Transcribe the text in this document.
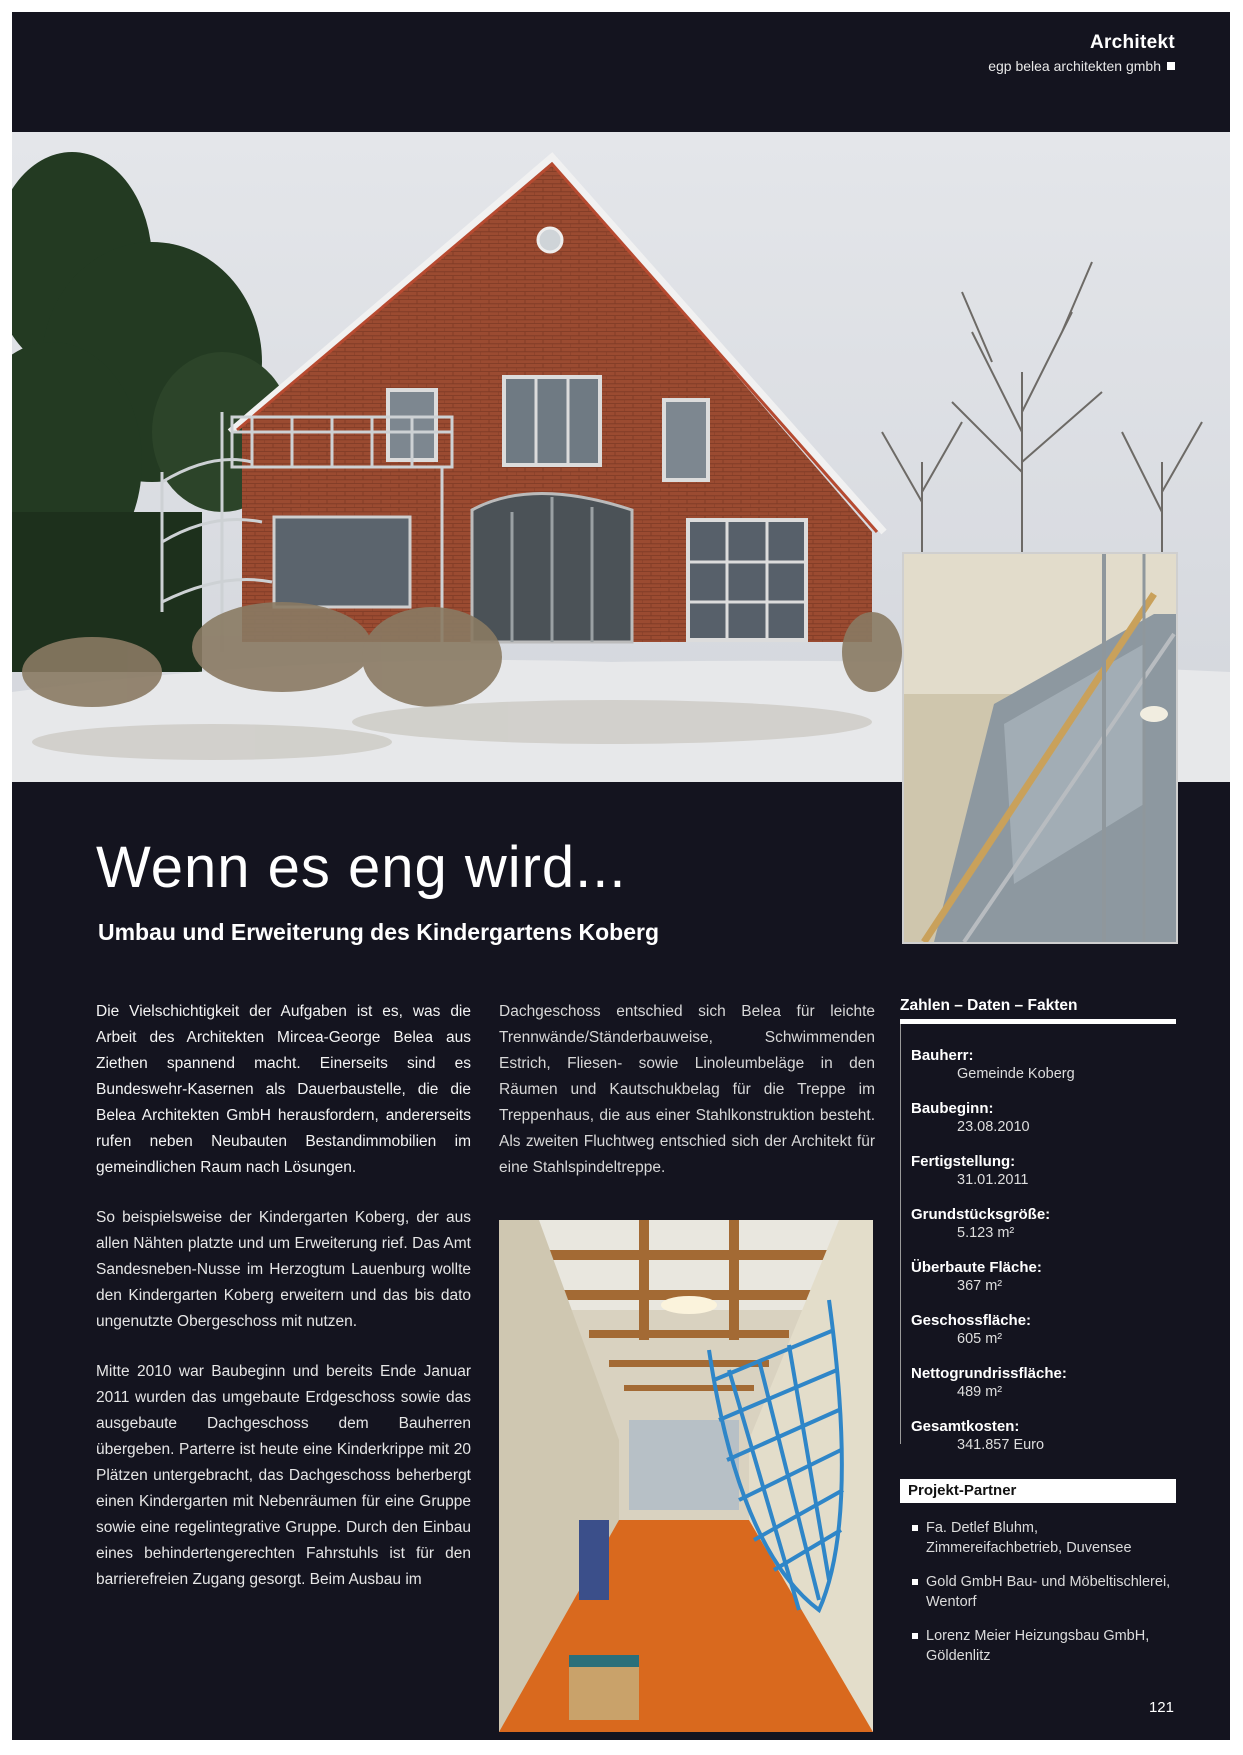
Architekt
egp belea architekten gmbh
Wenn es eng wird...
Umbau und Erweiterung des Kindergartens Koberg

Die Vielschichtigkeit der Aufgaben ist es, was die Arbeit des Architekten Mircea-George Belea aus Ziethen spannend macht. Einerseits sind es Bundeswehr-Kasernen als Dauerbaustelle, die die Belea Architekten GmbH herausfordern, andererseits rufen neben Neubauten Bestandimmobilien im gemeindlichen Raum nach Lösungen.

So beispielsweise der Kindergarten Koberg, der aus allen Nähten platzte und um Erweiterung rief. Das Amt Sandesneben-Nusse im Herzogtum Lauenburg wollte den Kindergarten Koberg erweitern und das bis dato ungenutzte Obergeschoss mit nutzen.

Mitte 2010 war Baubeginn und bereits Ende Januar 2011 wurden das umgebaute Erdgeschoss sowie das ausgebaute Dachgeschoss dem Bauherren übergeben. Parterre ist heute eine Kinderkrippe mit 20 Plätzen untergebracht, das Dachgeschoss beherbergt einen Kindergarten mit Nebenräumen für eine Gruppe sowie eine regelintegrative Gruppe. Durch den Einbau eines behindertengerechten Fahrstuhls ist für den barrierefreien Zugang gesorgt. Beim Ausbau im

Dachgeschoss entschied sich Belea für leichte Trennwände/Ständerbauweise, Schwimmenden Estrich, Fliesen- sowie Linoleumbeläge in den Räumen und Kautschukbelag für die Treppe im Treppenhaus, die aus einer Stahlkonstruktion besteht. Als zweiten Fluchtweg entschied sich der Architekt für eine Stahlspindeltreppe.

Zahlen – Daten – Fakten
Bauherr:
Gemeinde Koberg
Baubeginn:
23.08.2010
Fertigstellung:
31.01.2011
Grundstücksgröße:
5.123 m²
Überbaute Fläche:
367 m²
Geschossfläche:
605 m²
Nettogrundrissfläche:
489 m²
Gesamtkosten:
341.857 Euro
Projekt-Partner
Fa. Detlef Bluhm, Zimmereifachbetrieb, Duvensee
Gold GmbH Bau- und Möbeltischlerei, Wentorf
Lorenz Meier Heizungsbau GmbH, Göldenlitz
121
